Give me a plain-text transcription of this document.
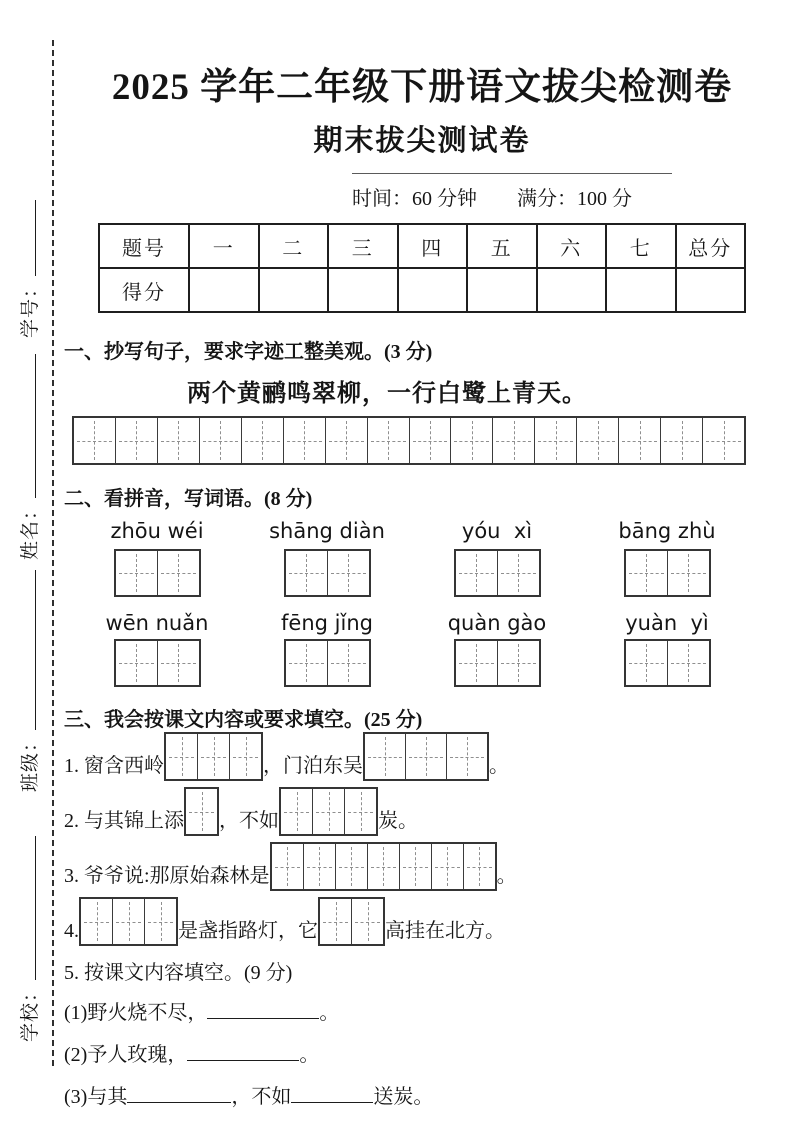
学号：
姓名：
班级：
学校：
2025 学年二年级下册语文拔尖检测卷
期末拔尖测试卷
时间：60 分钟　　满分：100 分
题号	一	二	三	四	五	六	七	总分
得分								
一、抄写句子，要求字迹工整美观。(3 分)
两个黄鹂鸣翠柳，一行白鹭上青天。
二、看拼音，写词语。(8 分)
zhōu wéi	shāng diàn	yóu  xì	bāng zhù
wēn nuǎn	fēng jǐng	quàn gào	yuàn  yì
三、我会按课文内容或要求填空。(25 分)
1. 窗含西岭	，门泊东吴	。
2. 与其锦上添 ，不如	炭。
3. 爷爷说:那原始森林是	。
4.	是盏指路灯，它	高挂在北方。
5. 按课文内容填空。(9 分)
(1)野火烧不尽，	。
(2)予人玫瑰，	。
(3)与其	，不如	送炭。
